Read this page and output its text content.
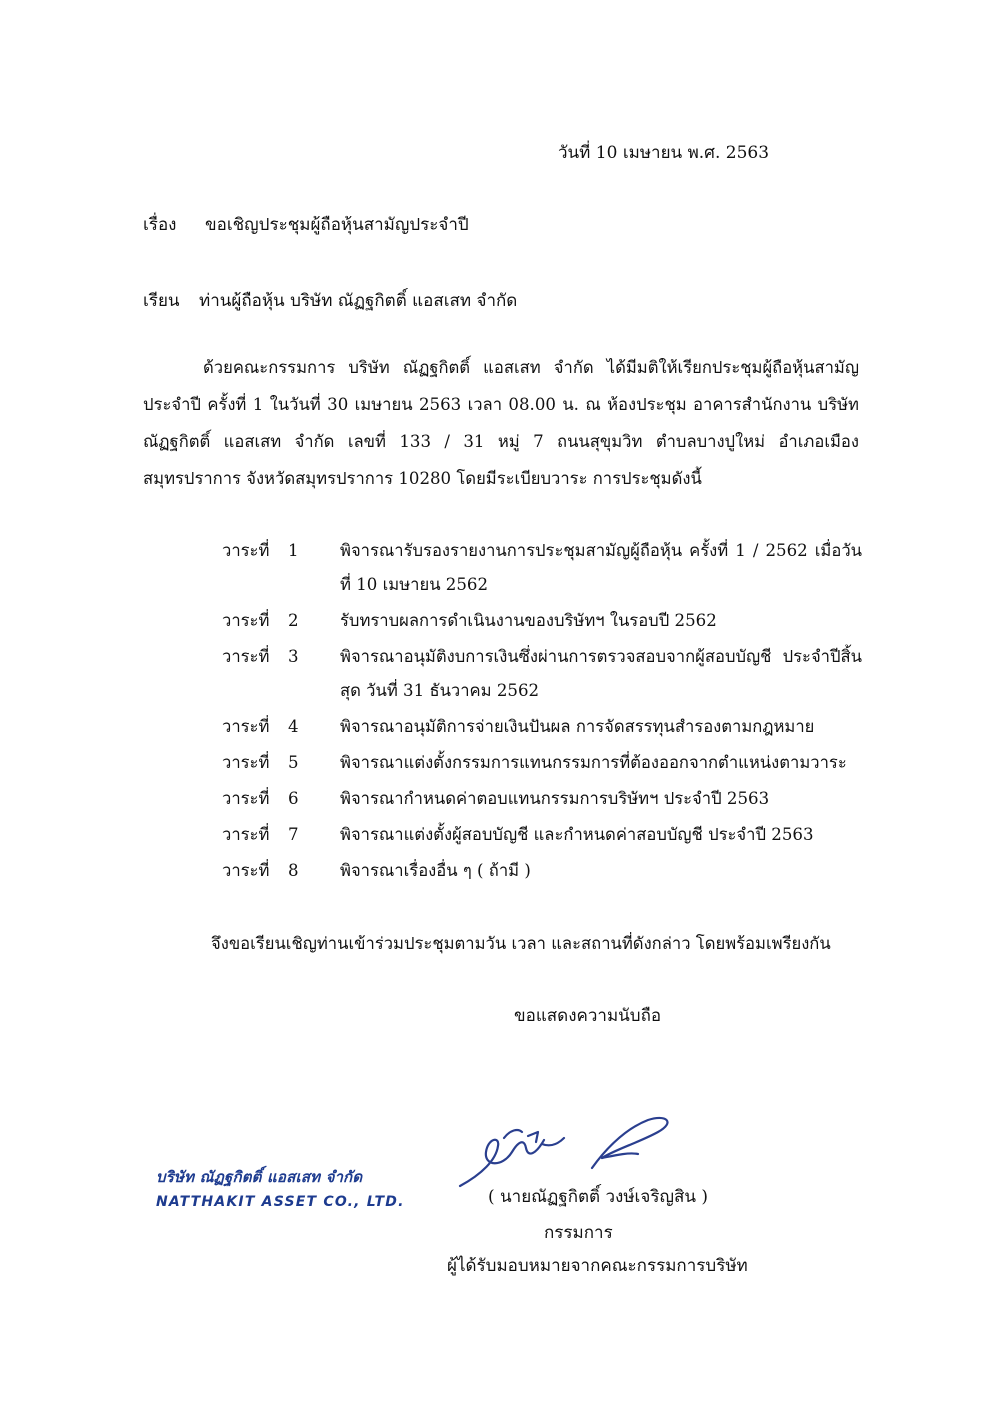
วันที่ 10 เมษายน พ.ศ. 2563
เรื่อง ขอเชิญประชุมผู้ถือหุ้นสามัญประจำปี
เรียน ท่านผู้ถือหุ้น บริษัท ณัฏฐกิตติ์ แอสเสท จำกัด
ด้วยคณะกรรมการ บริษัท ณัฏฐกิตติ์ แอสเสท จำกัด ได้มีมติให้เรียกประชุมผู้ถือหุ้นสามัญประจำปี ครั้งที่ 1 ในวันที่ 30 เมษายน 2563 เวลา 08.00 น. ณ ห้องประชุม อาคารสำนักงาน บริษัท ณัฏฐกิตติ์ แอสเสท จำกัด เลขที่ 133 / 31 หมู่ 7 ถนนสุขุมวิท ตำบลบางปูใหม่ อำเภอเมืองสมุทรปราการ จังหวัดสมุทรปราการ 10280 โดยมีระเบียบวาระ การประชุมดังนี้
วาระที่	1	พิจารณารับรองรายงานการประชุมสามัญผู้ถือหุ้น ครั้งที่ 1 / 2562 เมื่อวันที่ 10 เมษายน 2562
วาระที่	2	รับทราบผลการดำเนินงานของบริษัทฯ ในรอบปี 2562
วาระที่	3	พิจารณาอนุมัติงบการเงินซึ่งผ่านการตรวจสอบจากผู้สอบบัญชี ประจำปีสิ้นสุด วันที่ 31 ธันวาคม 2562
วาระที่	4	พิจารณาอนุมัติการจ่ายเงินปันผล การจัดสรรทุนสำรองตามกฎหมาย
วาระที่	5	พิจารณาแต่งตั้งกรรมการแทนกรรมการที่ต้องออกจากตำแหน่งตามวาระ
วาระที่	6	พิจารณากำหนดค่าตอบแทนกรรมการบริษัทฯ ประจำปี 2563
วาระที่	7	พิจารณาแต่งตั้งผู้สอบบัญชี และกำหนดค่าสอบบัญชี ประจำปี 2563
วาระที่	8	พิจารณาเรื่องอื่น ๆ ( ถ้ามี )
จึงขอเรียนเชิญท่านเข้าร่วมประชุมตามวัน เวลา และสถานที่ดังกล่าว โดยพร้อมเพรียงกัน
ขอแสดงความนับถือ
( นายณัฏฐกิตติ์ วงษ์เจริญสิน )
กรรมการ
ผู้ได้รับมอบหมายจากคณะกรรมการบริษัท
บริษัท ณัฏฐกิตติ์ แอสเสท จำกัด
NATTHAKIT ASSET CO., LTD.
